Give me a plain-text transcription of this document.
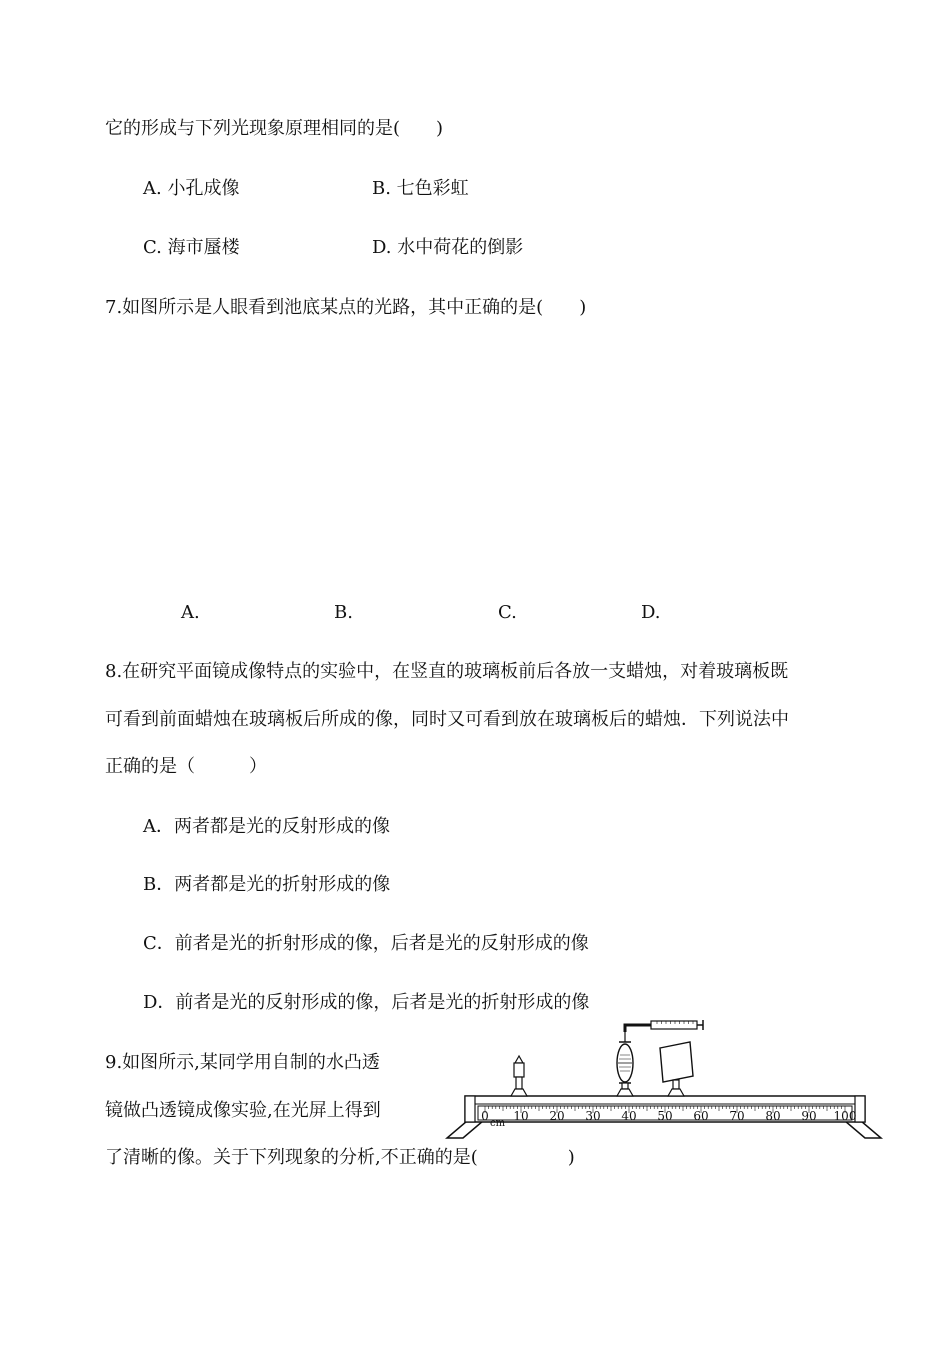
它的形成与下列光现象原理相同的是(　　)
A. 小孔成像	B. 七色彩虹
C. 海市蜃楼	D. 水中荷花的倒影
7.如图所示是人眼看到池底某点的光路，其中正确的是(　　)
A.	B.	C.	D.
8.在研究平面镜成像特点的实验中，在竖直的玻璃板前后各放一支蜡烛，对着玻璃板既
可看到前面蜡烛在玻璃板后所成的像，同时又可看到放在玻璃板后的蜡烛．下列说法中
正确的是（　　　）
A．两者都是光的反射形成的像
B．两者都是光的折射形成的像
C．前者是光的折射形成的像，后者是光的反射形成的像
D．前者是光的反射形成的像，后者是光的折射形成的像
9.如图所示,某同学用自制的水凸透
镜做凸透镜成像实验,在光屏上得到
了清晰的像。关于下列现象的分析,不正确的是(　　　　　)
0 10 20 30 40 50 60 70 80 90 100
cm
